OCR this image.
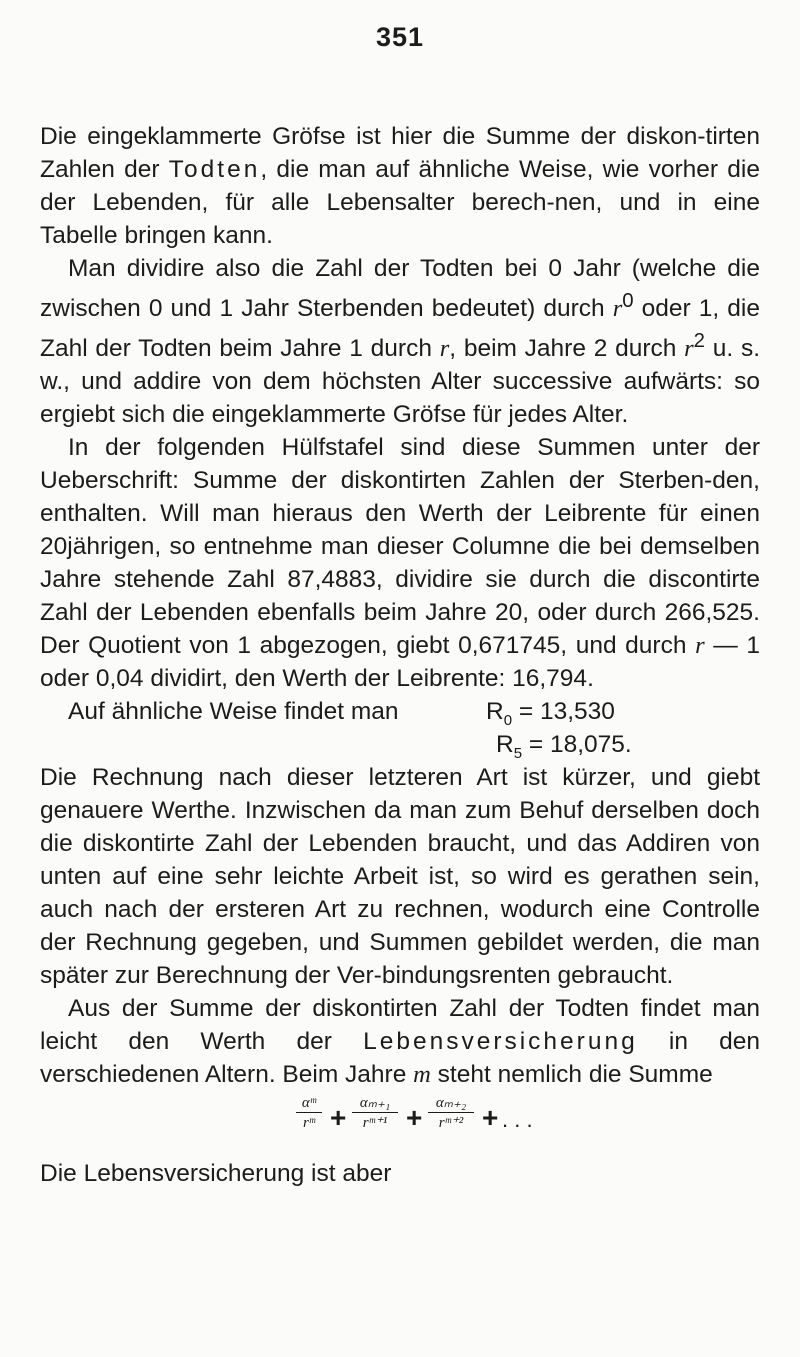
351

Die eingeklammerte Gröfse ist hier die Summe der diskon-tirten Zahlen der Todten, die man auf ähnliche Weise, wie vorher die der Lebenden, für alle Lebensalter berech-nen, und in eine Tabelle bringen kann.

Man dividire also die Zahl der Todten bei 0 Jahr (welche die zwischen 0 und 1 Jahr Sterbenden bedeutet) durch $r^0$ oder 1, die Zahl der Todten beim Jahre 1 durch r, beim Jahre 2 durch $r^2$ u. s. w., und addire von dem höchsten Alter successive aufwärts: so ergiebt sich die eingeklammerte Gröfse für jedes Alter.

In der folgenden Hülfstafel sind diese Summen unter der Ueberschrift: Summe der diskontirten Zahlen der Sterben-den, enthalten. Will man hieraus den Werth der Leibrente für einen 20jährigen, so entnehme man dieser Columne die bei demselben Jahre stehende Zahl 87,4883, dividire sie durch die discontirte Zahl der Lebenden ebenfalls beim Jahre 20, oder durch 266,525. Der Quotient von 1 abgezogen, giebt 0,671745, und durch r — 1 oder 0,04 dividirt, den Werth der Leibrente: 16,794.

Auf ähnliche Weise findet man	$R_0 = 13,530$
$R_5 = 18,075$.

Die Rechnung nach dieser letzteren Art ist kürzer, und giebt genauere Werthe. Inzwischen da man zum Behuf derselben doch die diskontirte Zahl der Lebenden braucht, und das Addiren von unten auf eine sehr leichte Arbeit ist, so wird es gerathen sein, auch nach der ersteren Art zu rechnen, wodurch eine Controlle der Rechnung gegeben, und Summen gebildet werden, die man später zur Berechnung der Ver-bindungsrenten gebraucht.

Aus der Summe der diskontirten Zahl der Todten findet man leicht den Werth der Lebensversicherung in den verschiedenen Altern. Beim Jahre m steht nemlich die Summe

αᵐ
rᵐ + αₘ₊₁
rᵐ⁺¹ + αₘ₊₂
rᵐ⁺² + . . .

Die Lebensversicherung ist aber
